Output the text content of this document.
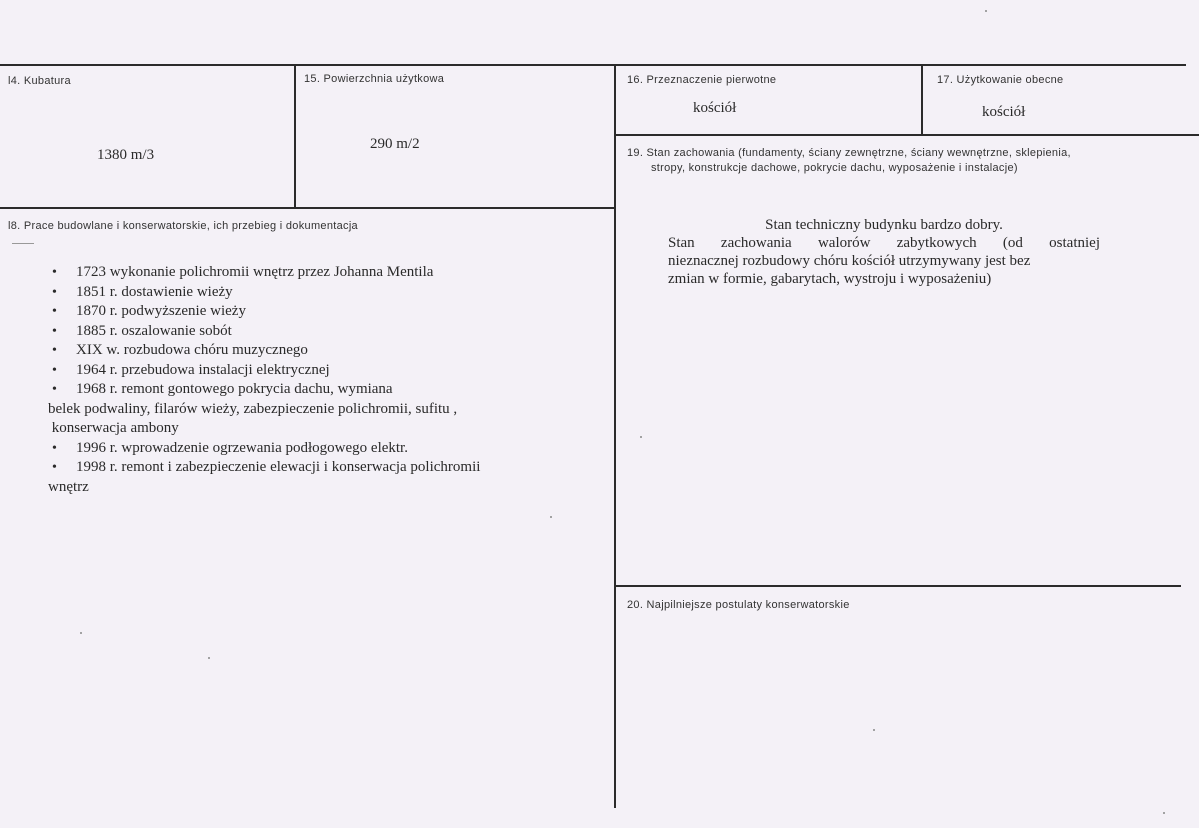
l4. Kubatura
1380 m/3
15. Powierzchnia użytkowa
290 m/2
16. Przeznaczenie pierwotne
kościół
17. Użytkowanie obecne
kościół
19. Stan zachowania (fundamenty, ściany zewnętrzne, ściany wewnętrzne, sklepienia,
stropy, konstrukcje dachowe, pokrycie dachu, wyposażenie i instalacje)
Stan techniczny budynku bardzo dobry.
Stan zachowania walorów zabytkowych (od ostatniej
nieznacznej rozbudowy chóru kościół utrzymywany jest bez
zmian w formie, gabarytach, wystroju i wyposażeniu)
l8. Prace budowlane i konserwatorskie, ich przebieg i dokumentacja
• 1723 wykonanie polichromii wnętrz przez Johanna Mentila
• 1851 r. dostawienie wieży
• 1870 r. podwyższenie wieży
• 1885 r. oszalowanie sobót
• XIX w. rozbudowa chóru muzycznego
• 1964 r. przebudowa instalacji elektrycznej
• 1968 r. remont gontowego pokrycia dachu, wymiana
belek podwaliny, filarów wieży, zabezpieczenie polichromii, sufitu ,
konserwacja ambony
• 1996 r. wprowadzenie ogrzewania podłogowego elektr.
• 1998 r. remont i zabezpieczenie elewacji i konserwacja polichromii
wnętrz
20. Najpilniejsze postulaty konserwatorskie
